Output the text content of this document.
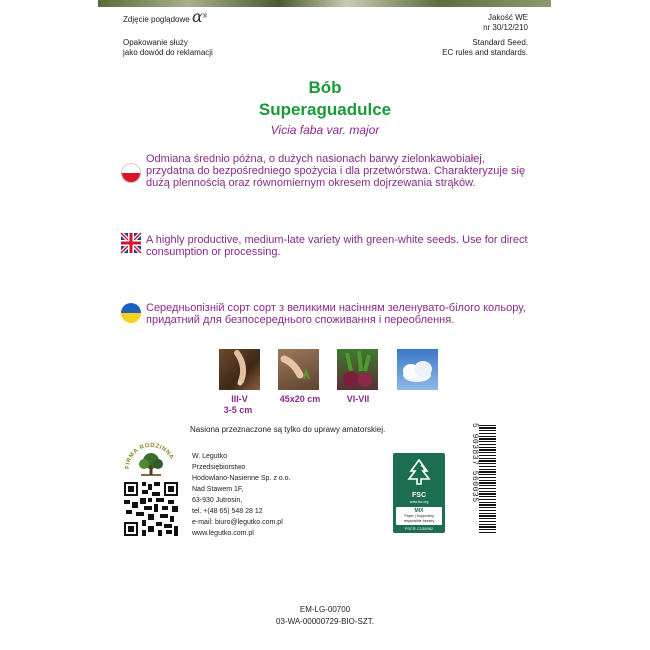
Zdjęcie poglądowe α®	Jakość WE
nr 30/12/210
Opakowanie służy
jako dowód do reklamacji
Standard Seed.
EC rules and standards.
Bób
Superaguadulce
Vicia faba var. major
Odmiana średnio późna, o dużych nasionach barwy zielonkawobiałej, przydatna do bezpośredniego spożycia i dla przetwórstwa. Charakteryzuje się dużą plennością oraz równomiernym okresem dojrzewania strąków.
A highly productive, medium-late variety with green-white seeds. Use for direct consumption or processing.
Середньопізній сорт сорт з великими насінням зеленувато-білого кольору, придатний для безпосереднього споживання і переоблення.
III-V
3-5 cm
45x20 cm	VI-VII
Nasiona przeznaczone są tylko do uprawy amatorskiej.
FIRMA RODZINNA W. Legutko
Przedsiębiorstwo
Hodowlano-Nasienne Sp. z o.o.
Nad Stawem 1F,
63-930 Jutrosin,
tel. +(48 65) 548 28 12
e-mail: biuro@legutko.com.pl
www.legutko.com.pl
FSC
www.fsc.org
MIX
Paper | Supporting responsible forestry
FSC® C136962
5 903837 560035
EM-LG-00700
03-WA-00000729-BIO-SZT.
